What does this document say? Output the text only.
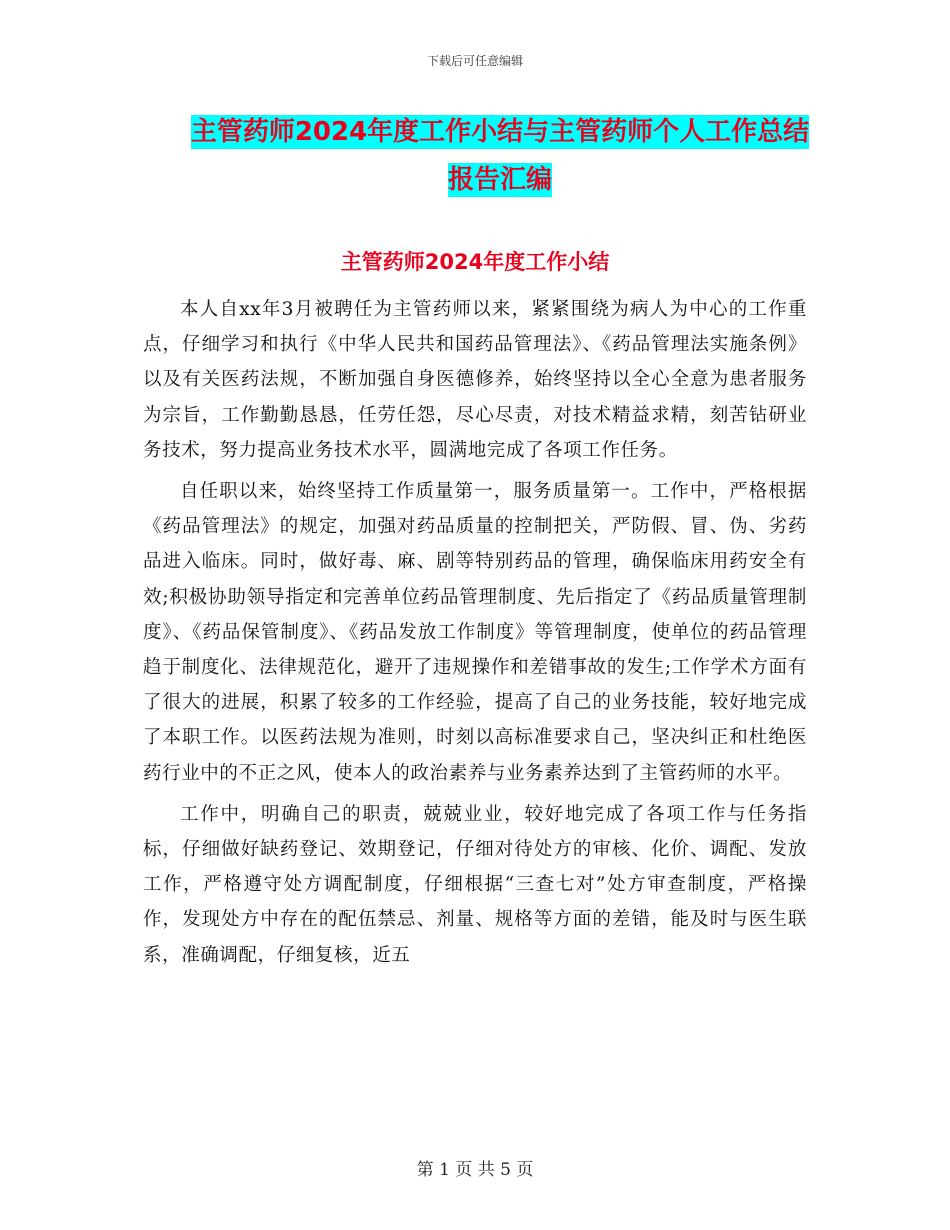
下载后可任意编辑
主管药师2024年度工作小结与主管药师个人工作总结报告汇编
主管药师2024年度工作小结

本人自xx年3月被聘任为主管药师以来，紧紧围绕为病人为中心的工作重点，仔细学习和执行《中华人民共和国药品管理法》、《药品管理法实施条例》以及有关医药法规，不断加强自身医德修养，始终坚持以全心全意为患者服务为宗旨，工作勤勤恳恳，任劳任怨，尽心尽责，对技术精益求精，刻苦钻研业务技术，努力提高业务技术水平，圆满地完成了各项工作任务。

自任职以来，始终坚持工作质量第一，服务质量第一。工作中，严格根据《药品管理法》的规定，加强对药品质量的控制把关，严防假、冒、伪、劣药品进入临床。同时，做好毒、麻、剧等特别药品的管理，确保临床用药安全有效;积极协助领导指定和完善单位药品管理制度、先后指定了《药品质量管理制度》、《药品保管制度》、《药品发放工作制度》等管理制度，使单位的药品管理趋于制度化、法律规范化，避开了违规操作和差错事故的发生;工作学术方面有了很大的进展，积累了较多的工作经验，提高了自己的业务技能，较好地完成了本职工作。以医药法规为准则，时刻以高标准要求自己，坚决纠正和杜绝医药行业中的不正之风，使本人的政治素养与业务素养达到了主管药师的水平。

工作中，明确自己的职责，兢兢业业，较好地完成了各项工作与任务指标，仔细做好缺药登记、效期登记，仔细对待处方的审核、化价、调配、发放工作，严格遵守处方调配制度，仔细根据“三查七对”处方审查制度，严格操作，发现处方中存在的配伍禁忌、剂量、规格等方面的差错，能及时与医生联系，准确调配，仔细复核，近五

第 1 页 共 5 页
